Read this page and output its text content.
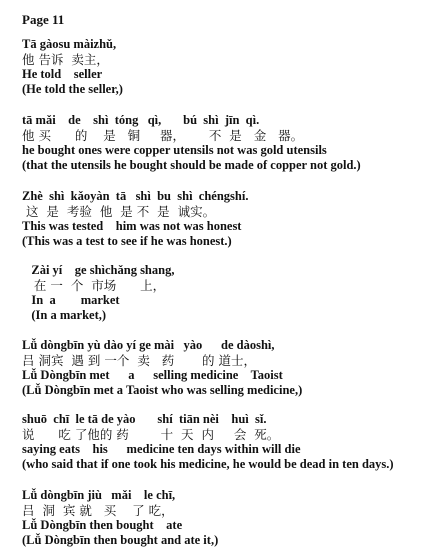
Page 11
Tā gàosu màizhǔ,
他 告诉  卖主，
He told    seller
(He told the seller,)
tā mǎi    de    shì  tóng   qì,       bú  shì  jīn  qì.
他 买      的    是   铜     器，      不  是   金   器。
he bought ones were copper utensils not was gold utensils
(that the utensils he bought should be made of copper not gold.)
Zhè  shì  kǎoyàn  tā   shì  bu  shì  chéngshí.
这  是  考验  他  是 不  是  诚实。
This was tested    him was not was honest
(This was a test to see if he was honest.)
Zài yí    ge shìchǎng shang,
在 一  个  市场      上，
In  a        market
(In a market,)
Lǚ dòngbīn yù dào yí ge mài   yào      de dàoshì,
吕 洞宾  遇 到 一个  卖   药       的 道士，
Lǚ Dòngbīn met      a      selling medicine    Taoist
(Lǚ Dòngbīn met a Taoist who was selling medicine,)
shuō  chī  le tā de yào       shí  tiān nèi    huì  sǐ.
说      吃 了他的 药        十  天  内     会  死。
saying eats    his      medicine ten days within will die
(who said that if one took his medicine, he would be dead in ten days.)
Lǚ dòngbīn jiù   mǎi    le chī,
吕  洞  宾 就   买    了 吃，
Lǚ Dòngbīn then bought    ate
(Lǚ Dòngbīn then bought and ate it,)
